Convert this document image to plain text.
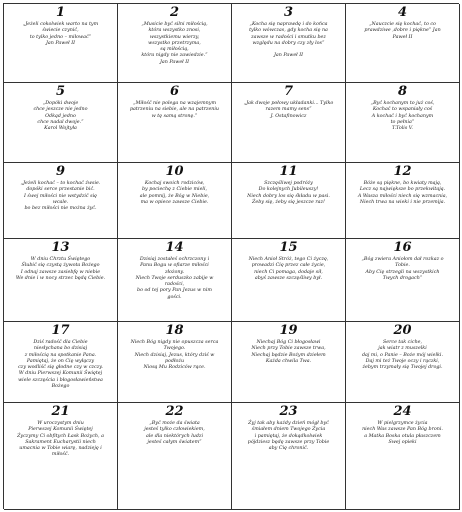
1
„Jeżeli cokolwiek warto na tym
świecie czynić,
to tylko jedno – miłować”
Jan Paweł II
2
„Musicie być silni miłością,
która wszystko znosi,
wszystkiemu wierzy,
wszystko przetrzyma,
są miłością,
która nigdy nie zawiedzie.”
Jan Paweł II
3
„Kocha się naprawdę i do końca
tylko wówczas, gdy kocha się na
zawsze w radości i smutku bez
względu na dobry czy zły los”

Jan Paweł II
4
„Nauczcie się kochać, to co
prawdziwe ,dobre i piękne” Jan
Paweł II
5
„Dopóki dwoje
chce jeszcze nie jedno
Odkąd jedno
chce nadal dwoje.”
Karol Wojtyła
6
„Miłość nie polega na wzajemnym
patrzeniu na siebie, ale na patrzeniu
w tę samą stronę.”
7
„Jak dwoje połowy układanki... Tylko
razem mamy sens”
J. Ostafinowicz
8
„Być kochanym to już coś,
Kochać to wspaniały coś
A kochać i być kochanym
to pełnia”
T.Tolis V.
9
„Jeżeli kochać – to kochać źwsie.
dopóki serce przestanie bić.
I śwej miłości nie wstydzić się
wcale.
bo bez miłości nie można żyć.
10
Kochaj swoich rodziców,
by pociechę z Ciebie mieli,
ale pomnij, że Bóg w Niebie,
ma w opiece zawsze Ciebie.
11
Szczęśliwej podróży
Do kolejnych Jubileuszy!
Niech dobry los się śkładu w pasi.
Żeby się, żeby się jeszcze raz!
12
Bóże są piękne, bo kwiaty mają,
Lecz są największe bo przekwitają.
A Wasza miłości niech się wzmacnia,
Niech trwa na wieki i nie przemija.
13
W dniu Chrztu Świętego
Ślubić się czystą żywota Bożego
I odnaj zawsze zasiebfę w niebie
We dnie i w nocy strzec będą Ciebie.
14
Dzisiaj zostałeś ochrzczony i
Panu Bogu w ofiarze miłości
złożony.
Niech Twoje serduszko zabije w
radości,
bo od tej pory Pan Jezus w nim
gości.
15
Niech Anioł Stróż, tego Ci życzę,
prowadzi Cię przez całe życie,
niech Ci pomaga, dodaje sił,
abyś zawsze szczęśliwy był.
16
„Bóg zwiera Aniołom dał rozkaz o
Tobie.
Aby Cię strzegli na wszystkich
Twych drogach”
17
Dziś radość dla Ciebie
niesłychana bo dzisiaj
z miłością na spotkanie Pana.
Pamiętaj, że on Cię wyłączy
czy wodliść się głodne czy w czczy.
W dniu Pierwszej Komunii Świętej
wiele szczęścia i błogosławieństwa
Bożego
18
Niech Bóg nigdy nie opuszcza serca
Twojego.
Niech dzisiaj, Jezus, który dziś w
podłożu
Niosą Mu Rodziców rące.
19
Niechaj Bóg Ci błogosławi
Niech przy Tobie zawsze trwa,
Niechaj będzie Bożym dziełem
Każda chwila Twa.
20
Serce tak ciche,
jak wiatr z muszelki
daj mi, o Panie – Boże mój wielki.
Daj mi też Twoje oczy i rączki,
żebym trzymały się Twojej drogi.
21
W uroczystym dniu
Pierwszej Komunii Świętej
Życzymy Ci obfitych Łask Bożych, a
Sakrament Eucharystii niech
umacnia w Tobie wiarę, nadzieję i
miłość.
22
„Być może da świata
jesteś tylko człowiekiem,
ale dla niektórych ludzi
jesteś całym światem”
23
Żyj tak aby każdy dzień mógł być
śmiałem dniem Twojego Życia
i pamiętaj, że dokądkolwiek
pójdziesz będę zawsze przy Tobie
aby Cię chronić.
24
W pielgrzymce życia
niech Was zawsze Pan Bóg broni.
a Matka Boska otula płaszczem
Swej opieki
